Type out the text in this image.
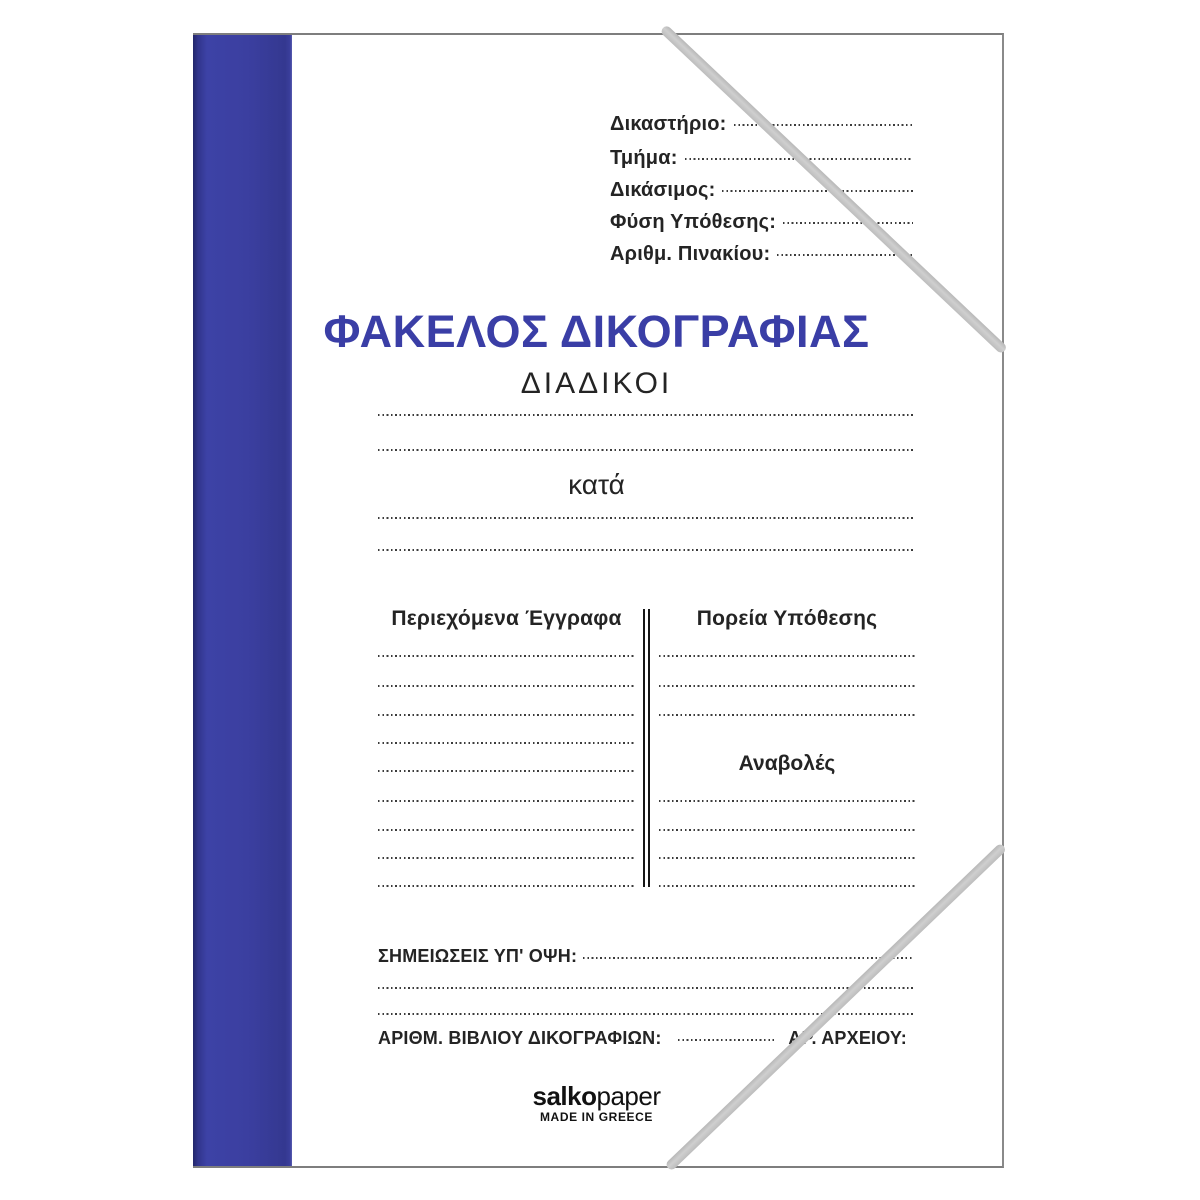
Δικαστήριο:
Τμήμα:
Δικάσιμος:
Φύση Υπόθεσης:
Αριθμ. Πινακίου:
ΦΑΚΕΛΟΣ ΔΙΚΟΓΡΑΦΙΑΣ
ΔΙΑΔΙΚΟΙ
κατά
Περιεχόμενα Έγγραφα	Πορεία Υπόθεσης
Αναβολές
ΣΗΜΕΙΩΣΕΙΣ ΥΠ' ΟΨΗ:
ΑΡΙΘΜ. ΒΙΒΛΙΟΥ ΔΙΚΟΓΡΑΦΙΩΝ:	ΑΡ. ΑΡΧΕΙΟΥ:
salkopaper
MADE IN GREECE
